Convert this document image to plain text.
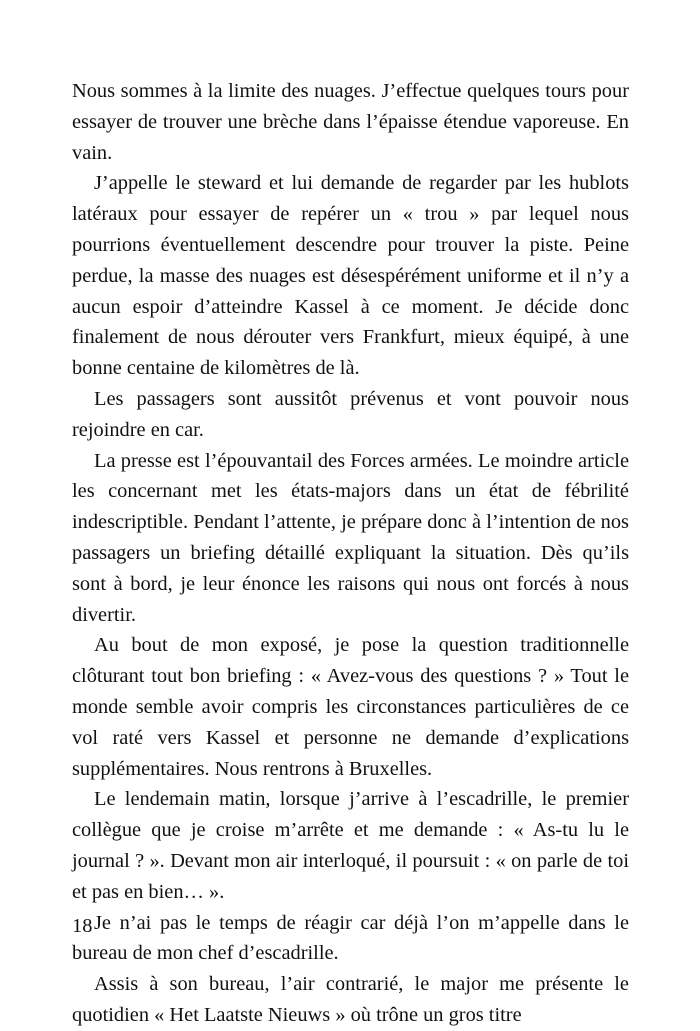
Nous sommes à la limite des nuages. J’effectue quelques tours pour essayer de trouver une brèche dans l’épaisse étendue vaporeuse. En vain.

J’appelle le steward et lui demande de regarder par les hublots latéraux pour essayer de repérer un « trou » par lequel nous pourrions éventuellement descendre pour trouver la piste. Peine perdue, la masse des nuages est désespérément uniforme et il n’y a aucun espoir d’atteindre Kassel à ce moment. Je décide donc finalement de nous dérouter vers Frankfurt, mieux équipé, à une bonne centaine de kilomètres de là.

Les passagers sont aussitôt prévenus et vont pouvoir nous rejoindre en car.

La presse est l’épouvantail des Forces armées. Le moindre article les concernant met les états-majors dans un état de fébrilité indescriptible. Pendant l’attente, je prépare donc à l’intention de nos passagers un briefing détaillé expliquant la situation. Dès qu’ils sont à bord, je leur énonce les raisons qui nous ont forcés à nous divertir.

Au bout de mon exposé, je pose la question traditionnelle clôturant tout bon briefing : « Avez-vous des questions ? » Tout le monde semble avoir compris les circonstances particulières de ce vol raté vers Kassel et personne ne demande d’explications supplémentaires. Nous rentrons à Bruxelles.

Le lendemain matin, lorsque j’arrive à l’escadrille, le premier collègue que je croise m’arrête et me demande : « As-tu lu le journal ? ». Devant mon air interloqué, il poursuit : « on parle de toi et pas en bien… ».

Je n’ai pas le temps de réagir car déjà l’on m’appelle dans le bureau de mon chef d’escadrille.

Assis à son bureau, l’air contrarié, le major me présente le quotidien « Het Laatste Nieuws » où trône un gros titre

18
